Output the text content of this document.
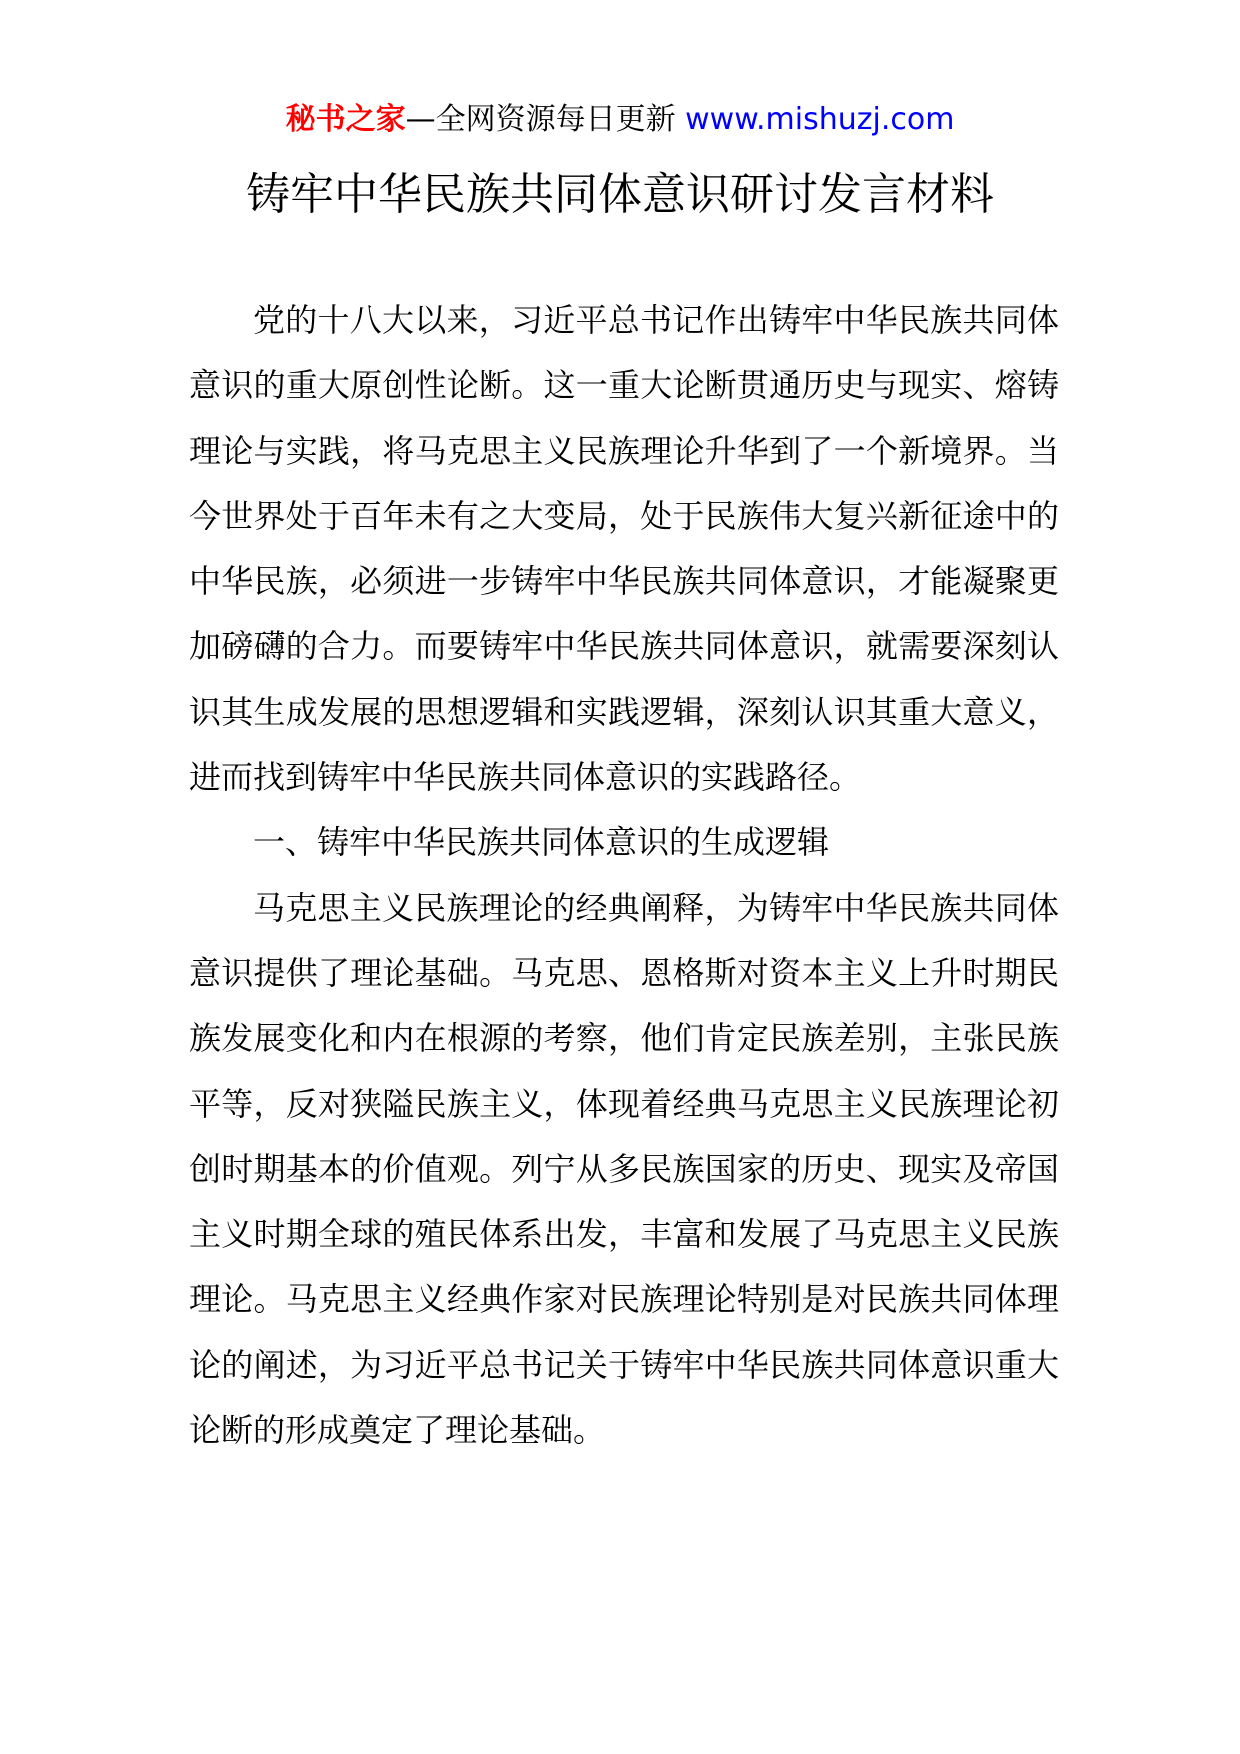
秘书之家—全网资源每日更新 www.mishuzj.com
铸牢中华民族共同体意识研讨发言材料

党的十八大以来，习近平总书记作出铸牢中华民族共同体意识的重大原创性论断。这一重大论断贯通历史与现实、熔铸理论与实践，将马克思主义民族理论升华到了一个新境界。当今世界处于百年未有之大变局，处于民族伟大复兴新征途中的中华民族，必须进一步铸牢中华民族共同体意识，才能凝聚更加磅礴的合力。而要铸牢中华民族共同体意识，就需要深刻认识其生成发展的思想逻辑和实践逻辑，深刻认识其重大意义，进而找到铸牢中华民族共同体意识的实践路径。

一、铸牢中华民族共同体意识的生成逻辑

马克思主义民族理论的经典阐释，为铸牢中华民族共同体意识提供了理论基础。马克思、恩格斯对资本主义上升时期民族发展变化和内在根源的考察，他们肯定民族差别，主张民族平等，反对狭隘民族主义，体现着经典马克思主义民族理论初创时期基本的价值观。列宁从多民族国家的历史、现实及帝国主义时期全球的殖民体系出发，丰富和发展了马克思主义民族理论。马克思主义经典作家对民族理论特别是对民族共同体理论的阐述，为习近平总书记关于铸牢中华民族共同体意识重大论断的形成奠定了理论基础。
